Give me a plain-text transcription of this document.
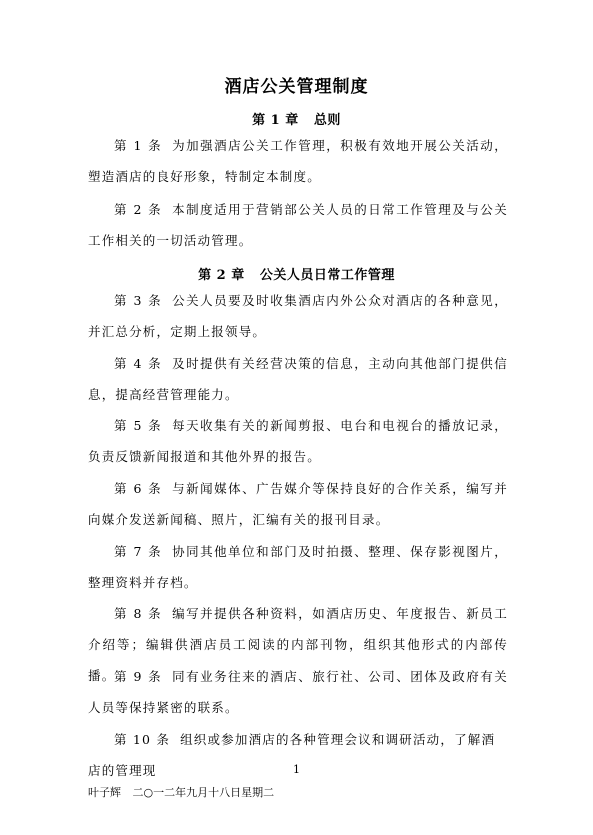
酒店公关管理制度
第 1 章 总则
第 1 条 为加强酒店公关工作管理，积极有效地开展公关活动，塑造酒店的良好形象，特制定本制度。
第 2 条 本制度适用于营销部公关人员的日常工作管理及与公关工作相关的一切活动管理。
第 2 章 公关人员日常工作管理
第 3 条 公关人员要及时收集酒店内外公众对酒店的各种意见，并汇总分析，定期上报领导。
第 4 条 及时提供有关经营决策的信息，主动向其他部门提供信息，提高经营管理能力。
第 5 条 每天收集有关的新闻剪报、电台和电视台的播放记录，负责反馈新闻报道和其他外界的报告。
第 6 条 与新闻媒体、广告媒介等保持良好的合作关系，编写并向媒介发送新闻稿、照片，汇编有关的报刊目录。
第 7 条 协同其他单位和部门及时拍摄、整理、保存影视图片，整理资料并存档。
第 8 条 编写并提供各种资料，如酒店历史、年度报告、新员工介绍等；编辑供酒店员工阅读的内部刊物，组织其他形式的内部传播。
第 9 条 同有业务往来的酒店、旅行社、公司、团体及政府有关人员等保持紧密的联系。
第 10 条 组织或参加酒店的各种管理会议和调研活动，了解酒店的管理现	1
叶子辉 二○一二年九月十八日星期二
